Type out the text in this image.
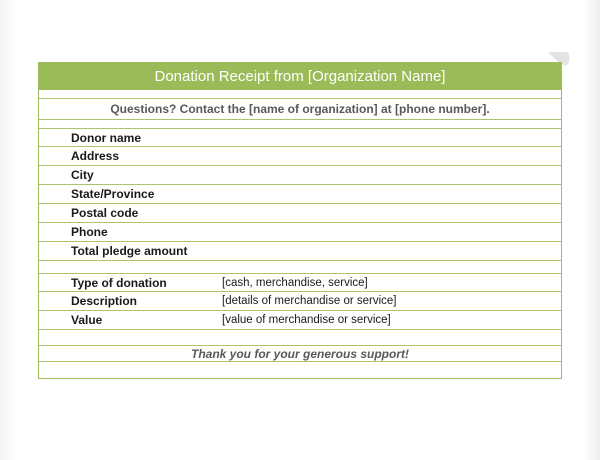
Donation Receipt from [Organization Name]
Questions? Contact the [name of organization] at [phone number].
Donor name
Address
City
State/Province
Postal code
Phone
Total pledge amount
Type of donation	[cash, merchandise, service]
Description	[details of merchandise or service]
Value	[value of merchandise or service]
Thank you for your generous support!
